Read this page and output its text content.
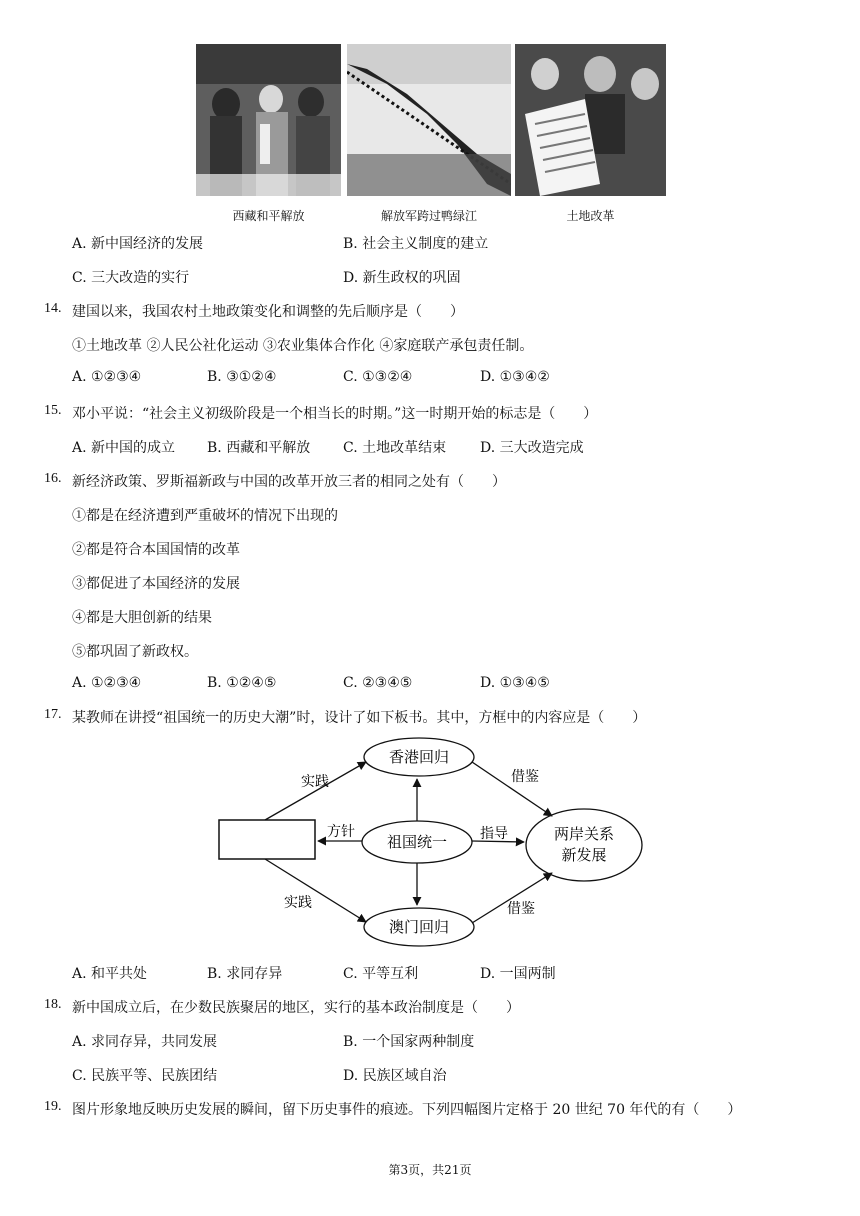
西藏和平解放	解放军跨过鸭绿江	土地改革
A. 新中国经济的发展	B. 社会主义制度的建立
C. 三大改造的实行	D. 新生政权的巩固
14. 建国以来，我国农村土地政策变化和调整的先后顺序是（　　）
①土地改革 ②人民公社化运动 ③农业集体合作化 ④家庭联产承包责任制。
A. ①②③④	B. ③①②④	C. ①③②④	D. ①③④②
15. 邓小平说：“社会主义初级阶段是一个相当长的时期。”这一时期开始的标志是（　　）
A. 新中国的成立 B. 西藏和平解放 C. 土地改革结束 D. 三大改造完成
16. 新经济政策、罗斯福新政与中国的改革开放三者的相同之处有（　　）
①都是在经济遭到严重破坏的情况下出现的
②都是符合本国国情的改革
③都促进了本国经济的发展
④都是大胆创新的结果
⑤都巩固了新政权。
A. ①②③④	B. ①②④⑤	C. ②③④⑤	D. ①③④⑤
17. 某教师在讲授“祖国统一的历史大潮”时，设计了如下板书。其中，方框中的内容应是（　　）
香港回归
祖国统一
澳门回归
两岸关系
新发展
实践
实践
方针	指导
借鉴
借鉴
A. 和平共处	B. 求同存异	C. 平等互利	D. 一国两制
18. 新中国成立后，在少数民族聚居的地区，实行的基本政治制度是（　　）
A. 求同存异，共同发展	B. 一个国家两种制度
C. 民族平等、民族团结	D. 民族区域自治
19. 图片形象地反映历史发展的瞬间，留下历史事件的痕迹。下列四幅图片定格于 20 世纪 70 年代的有（　　）
第3页，共21页
